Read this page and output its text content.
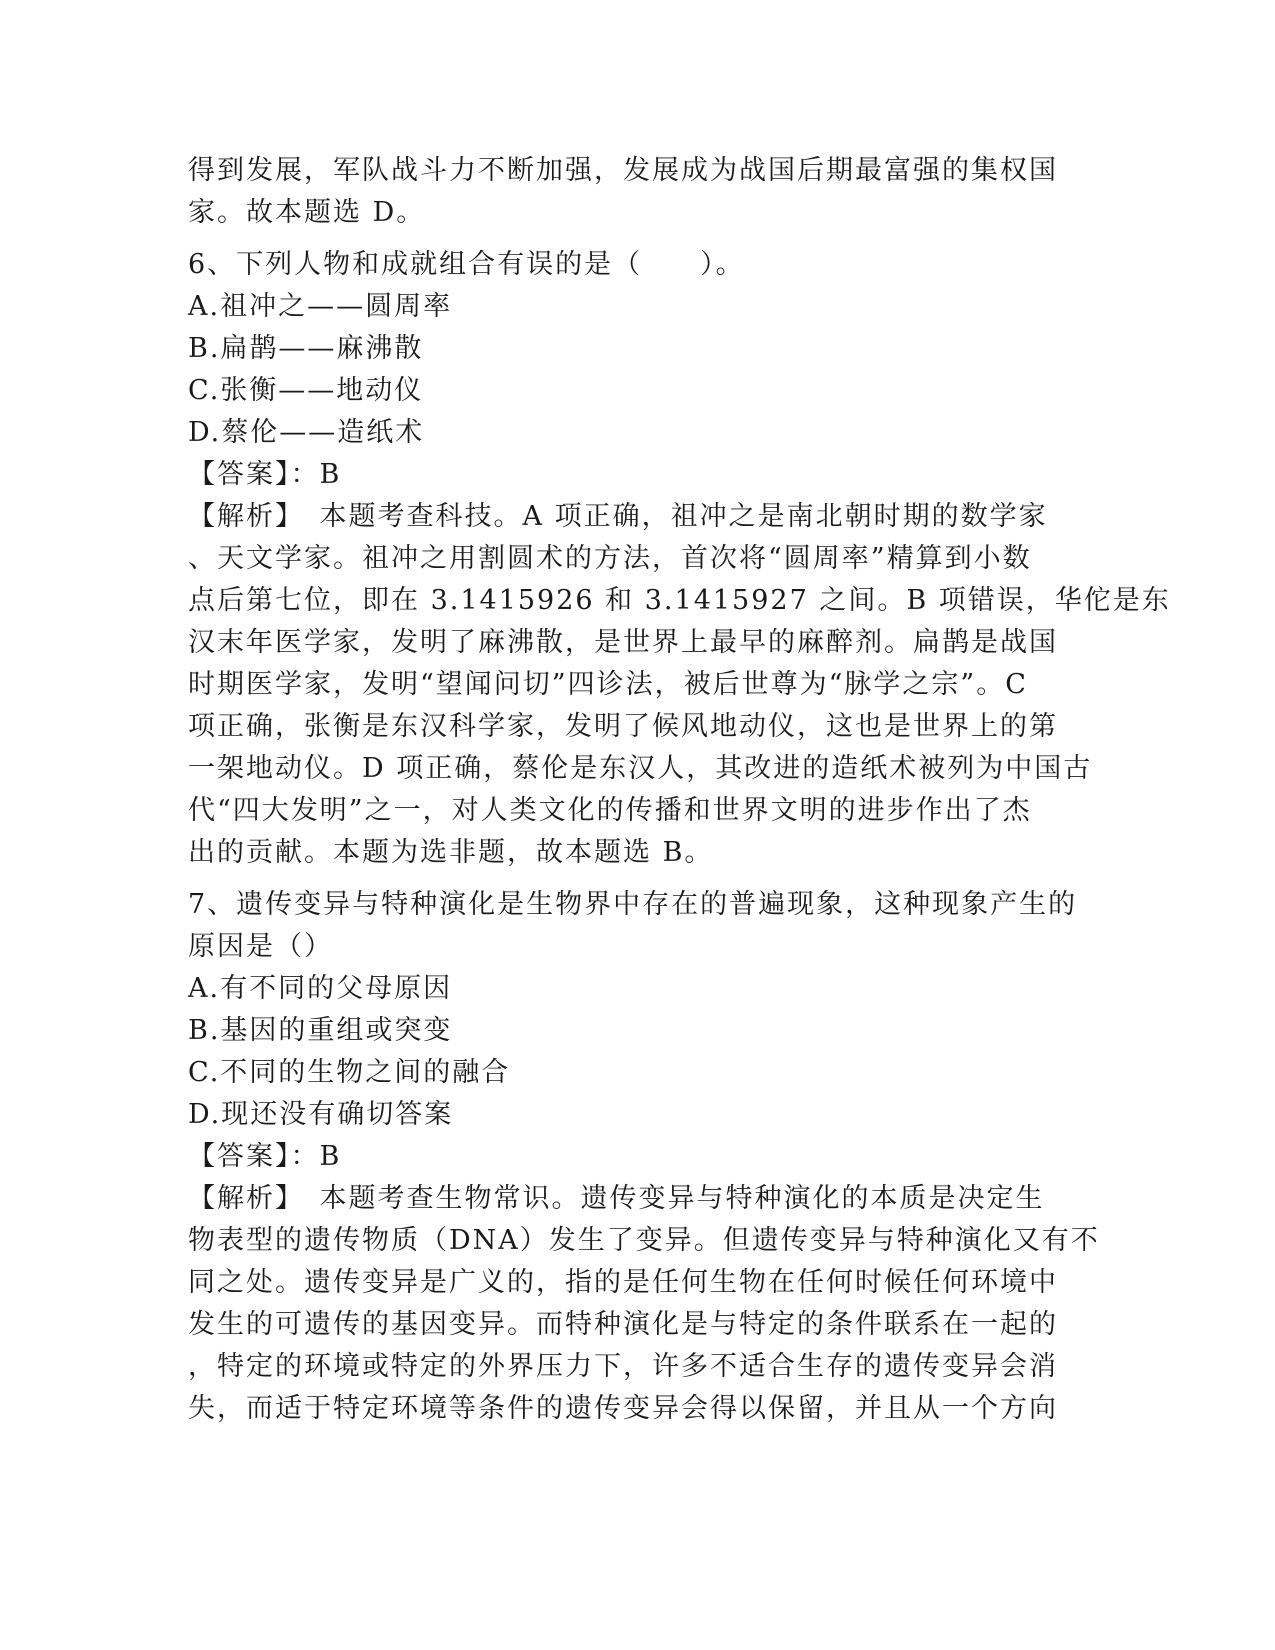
得到发展，军队战斗力不断加强，发展成为战国后期最富强的集权国
家。故本题选 D。
6、下列人物和成就组合有误的是（　　）。
A.祖冲之——圆周率
B.扁鹊——麻沸散
C.张衡——地动仪
D.蔡伦——造纸术
【答案】：B
【解析】　本题考查科技。A 项正确，祖冲之是南北朝时期的数学家
、天文学家。祖冲之用割圆术的方法，首次将“圆周率”精算到小数
点后第七位，即在 3.1415926 和 3.1415927 之间。B 项错误，华佗是东
汉末年医学家，发明了麻沸散，是世界上最早的麻醉剂。扁鹊是战国
时期医学家，发明“望闻问切”四诊法，被后世尊为“脉学之宗”。C
项正确，张衡是东汉科学家，发明了候风地动仪，这也是世界上的第
一架地动仪。D 项正确，蔡伦是东汉人，其改进的造纸术被列为中国古
代“四大发明”之一，对人类文化的传播和世界文明的进步作出了杰
出的贡献。本题为选非题，故本题选 B。
7、遗传变异与特种演化是生物界中存在的普遍现象，这种现象产生的
原因是（）
A.有不同的父母原因
B.基因的重组或突变
C.不同的生物之间的融合
D.现还没有确切答案
【答案】：B
【解析】　本题考查生物常识。遗传变异与特种演化的本质是决定生
物表型的遗传物质（DNA）发生了变异。但遗传变异与特种演化又有不
同之处。遗传变异是广义的，指的是任何生物在任何时候任何环境中
发生的可遗传的基因变异。而特种演化是与特定的条件联系在一起的
，特定的环境或特定的外界压力下，许多不适合生存的遗传变异会消
失，而适于特定环境等条件的遗传变异会得以保留，并且从一个方向
